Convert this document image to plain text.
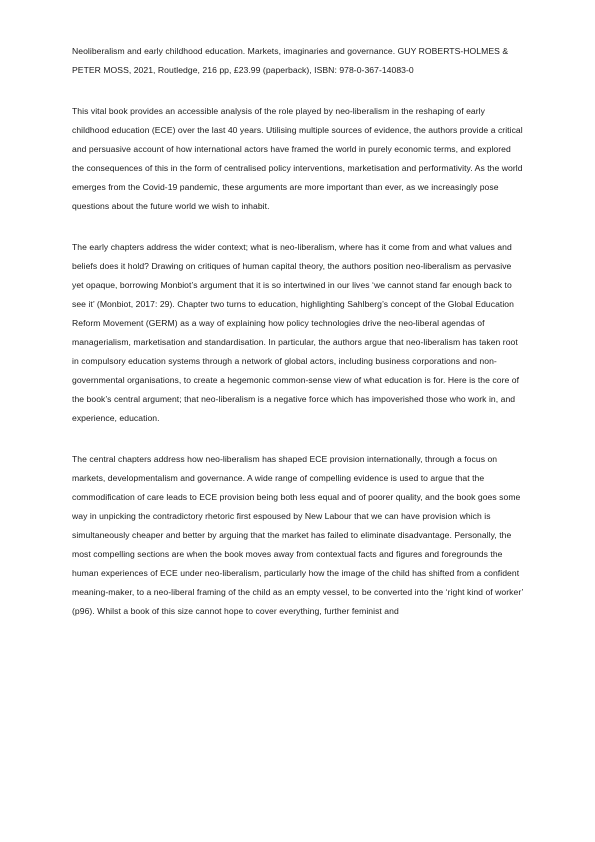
Neoliberalism and early childhood education. Markets, imaginaries and governance. GUY ROBERTS-HOLMES & PETER MOSS, 2021, Routledge, 216 pp, £23.99 (paperback), ISBN: 978-0-367-14083-0

This vital book provides an accessible analysis of the role played by neo-liberalism in the reshaping of early childhood education (ECE) over the last 40 years. Utilising multiple sources of evidence, the authors provide a critical and persuasive account of how international actors have framed the world in purely economic terms, and explored the consequences of this in the form of centralised policy interventions, marketisation and performativity. As the world emerges from the Covid-19 pandemic, these arguments are more important than ever, as we increasingly pose questions about the future world we wish to inhabit.

The early chapters address the wider context; what is neo-liberalism, where has it come from and what values and beliefs does it hold? Drawing on critiques of human capital theory, the authors position neo-liberalism as pervasive yet opaque, borrowing Monbiot’s argument that it is so intertwined in our lives ‘we cannot stand far enough back to see it’ (Monbiot, 2017: 29). Chapter two turns to education, highlighting Sahlberg’s concept of the Global Education Reform Movement (GERM) as a way of explaining how policy technologies drive the neo-liberal agendas of managerialism, marketisation and standardisation. In particular, the authors argue that neo-liberalism has taken root in compulsory education systems through a network of global actors, including business corporations and non-governmental organisations, to create a hegemonic common-sense view of what education is for. Here is the core of the book’s central argument; that neo-liberalism is a negative force which has impoverished those who work in, and experience, education.

The central chapters address how neo-liberalism has shaped ECE provision internationally, through a focus on markets, developmentalism and governance. A wide range of compelling evidence is used to argue that the commodification of care leads to ECE provision being both less equal and of poorer quality, and the book goes some way in unpicking the contradictory rhetoric first espoused by New Labour that we can have provision which is simultaneously cheaper and better by arguing that the market has failed to eliminate disadvantage. Personally, the most compelling sections are when the book moves away from contextual facts and figures and foregrounds the human experiences of ECE under neo-liberalism, particularly how the image of the child has shifted from a confident meaning-maker, to a neo-liberal framing of the child as an empty vessel, to be converted into the ‘right kind of worker’ (p96). Whilst a book of this size cannot hope to cover everything, further feminist and
